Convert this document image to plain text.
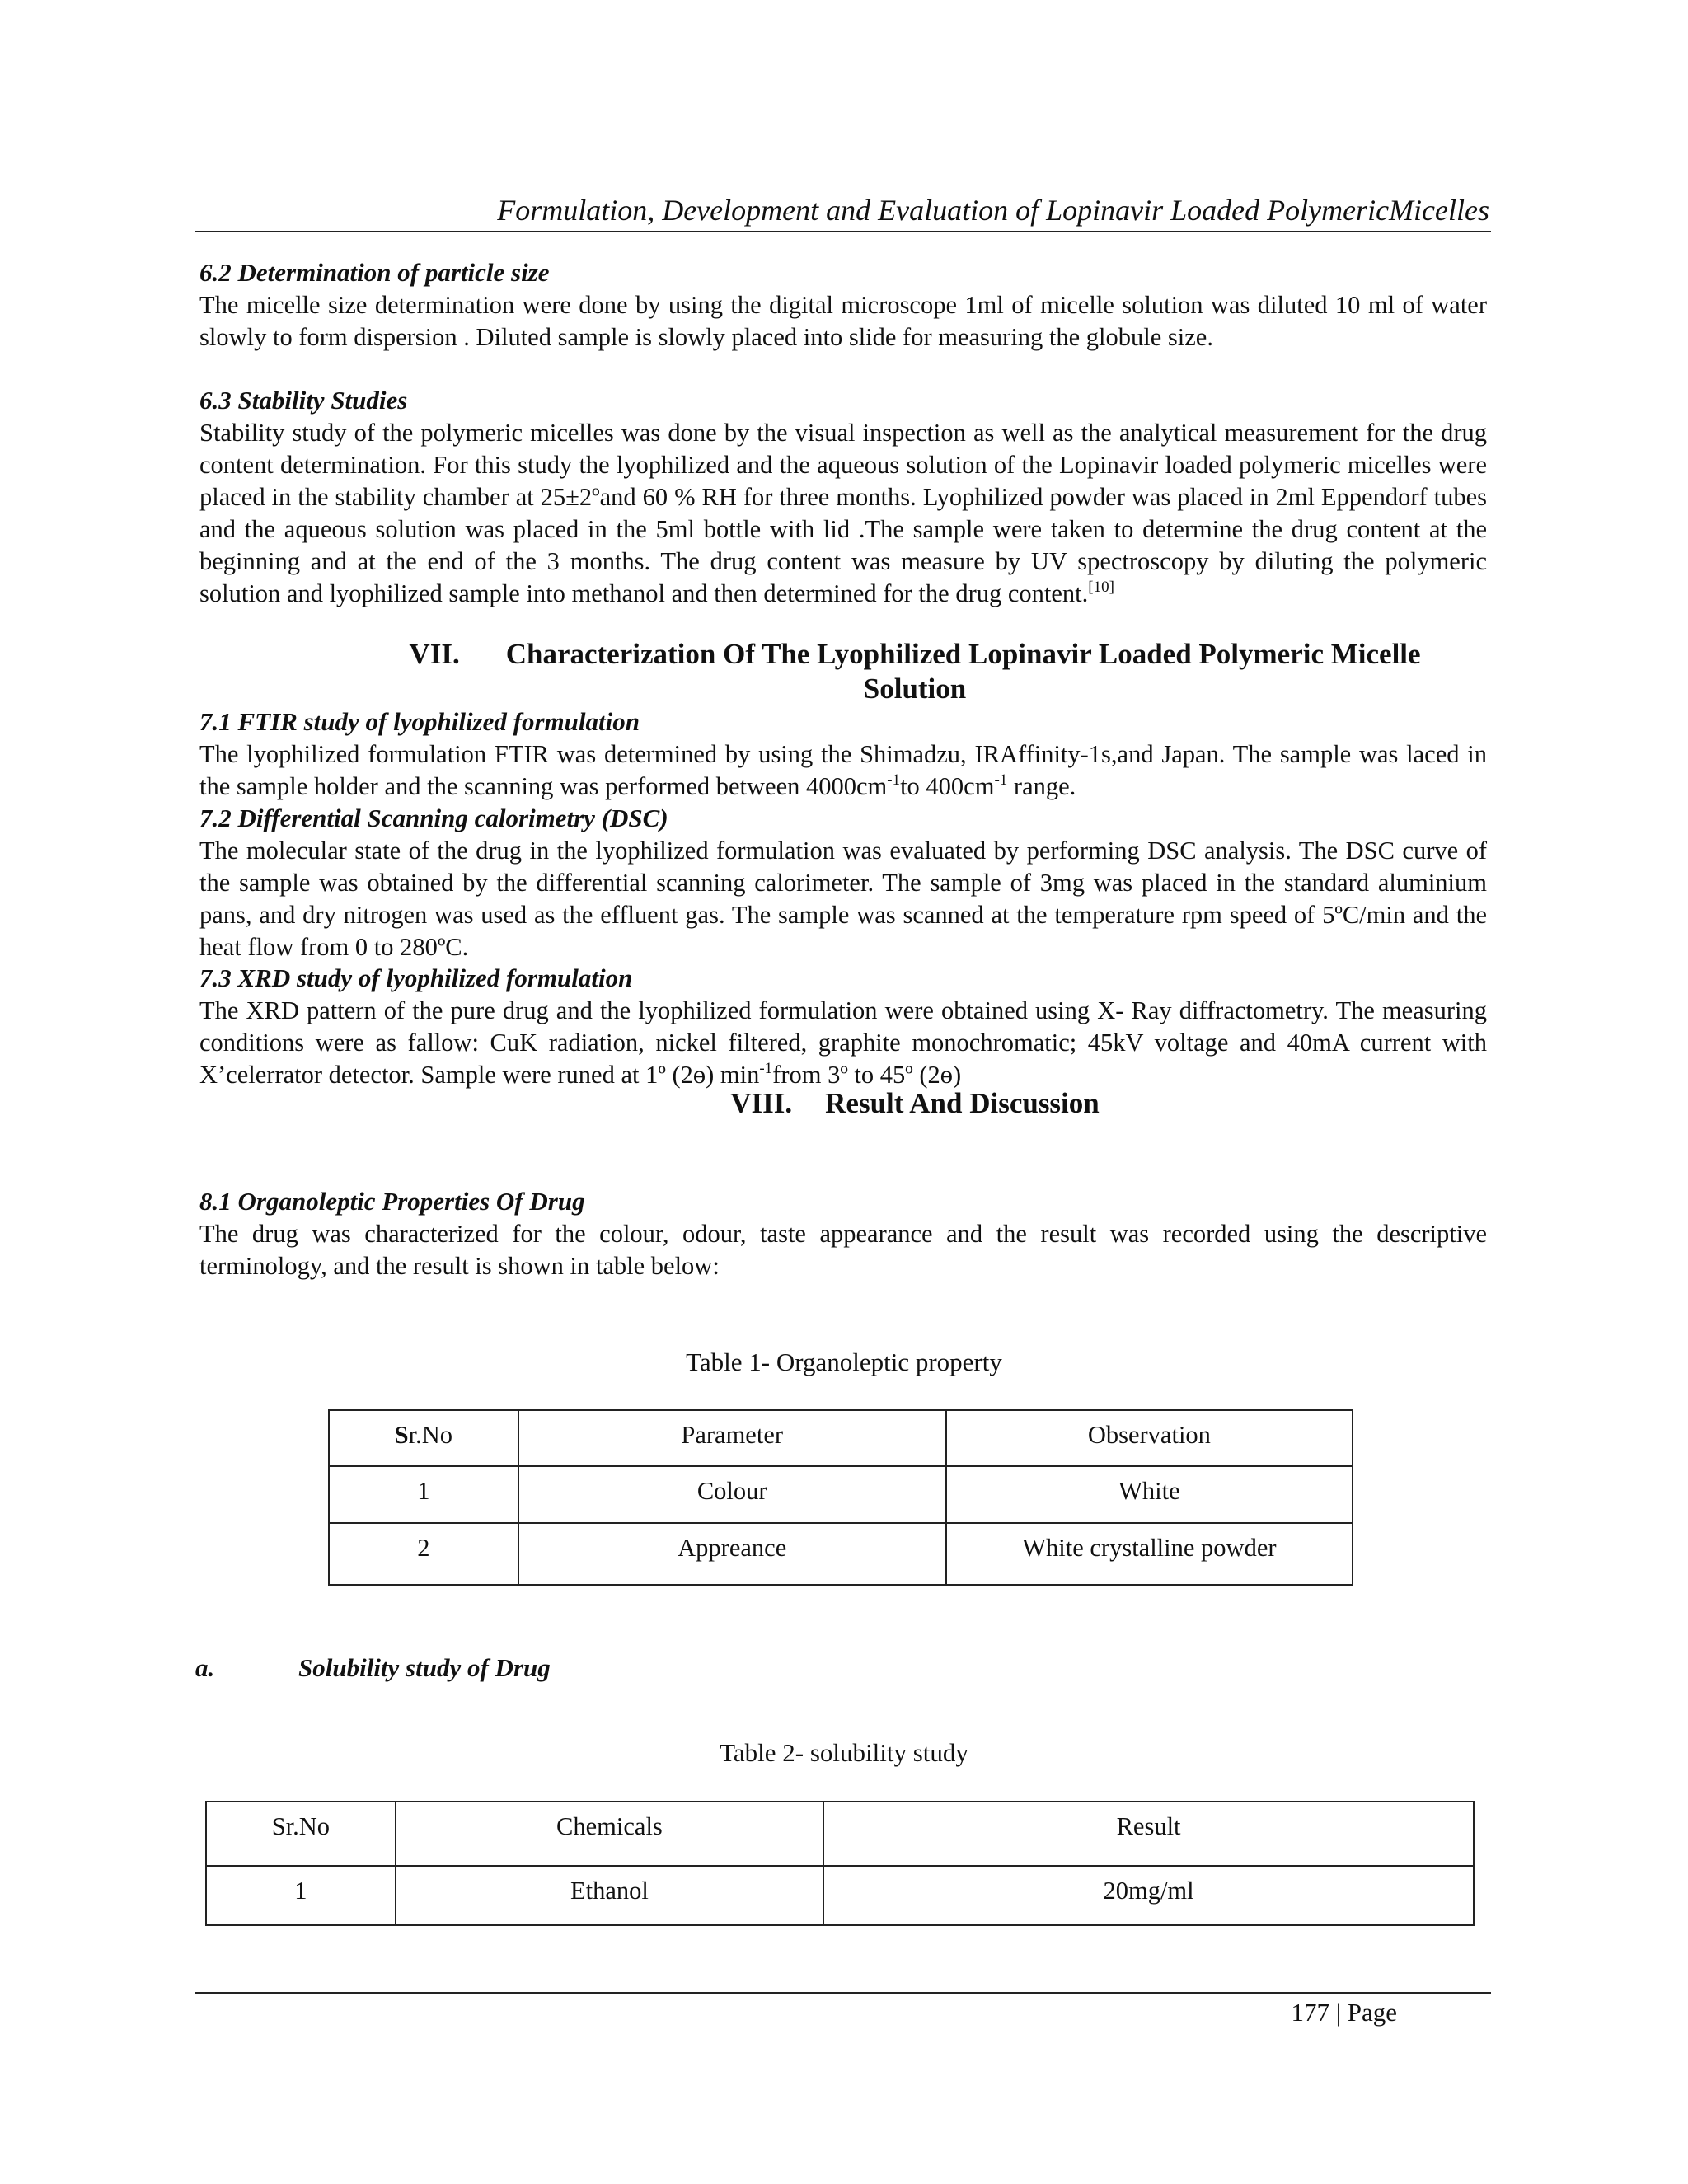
Formulation, Development and Evaluation of Lopinavir Loaded PolymericMicelles

6.2 Determination of particle size

The micelle size determination were done by using the digital microscope 1ml of micelle solution was diluted 10 ml of water slowly to form dispersion . Diluted sample is slowly placed into slide for measuring the globule size.

6.3 Stability Studies

Stability study of the polymeric micelles was done by the visual inspection as well as the analytical measurement for the drug content determination. For this study the lyophilized and the aqueous solution of the Lopinavir loaded polymeric micelles were placed in the stability chamber at 25±2ºand 60 % RH for three months. Lyophilized powder was placed in 2ml Eppendorf tubes and the aqueous solution was placed in the 5ml bottle with lid .The sample were taken to determine the drug content at the beginning and at the end of the 3 months. The drug content was measure by UV spectroscopy by diluting the polymeric solution and lyophilized sample into methanol and then determined for the drug content.[10]

VII. Characterization Of The Lyophilized Lopinavir Loaded Polymeric Micelle
Solution

7.1 FTIR study of lyophilized formulation

The lyophilized formulation FTIR was determined by using the Shimadzu, IRAffinity-1s,and Japan. The sample was laced in the sample holder and the scanning was performed between $4000cm^{-1}to$ $400cm^{-1}$ range.

7.2 Differential Scanning calorimetry (DSC)

The molecular state of the drug in the lyophilized formulation was evaluated by performing DSC analysis. The DSC curve of the sample was obtained by the differential scanning calorimeter. The sample of 3mg was placed in the standard aluminium pans, and dry nitrogen was used as the effluent gas. The sample was scanned at the temperature rpm speed of 5ºC/min and the heat flow from 0 to 280ºC.

7.3 XRD study of lyophilized formulation

The XRD pattern of the pure drug and the lyophilized formulation were obtained using X- Ray diffractometry. The measuring conditions were as fallow: CuK radiation, nickel filtered, graphite monochromatic; 45kV voltage and 40mA current with X’celerrator detector. Sample were runed at 1º (2ɵ) $\min^{-1}from$ 3º to 45º (2ɵ)

VIII. Result And Discussion

8.1 Organoleptic Properties Of Drug

The drug was characterized for the colour, odour, taste appearance and the result was recorded using the descriptive terminology, and the result is shown in table below:

Table 1- Organoleptic property
Sr.No	Parameter	Observation
1	Colour	White
2	Appreance	White crystalline powder
a.	Solubility study of Drug
Table 2- solubility study
Sr.No	Chemicals	Result
1	Ethanol	20mg/ml
177 | Page
